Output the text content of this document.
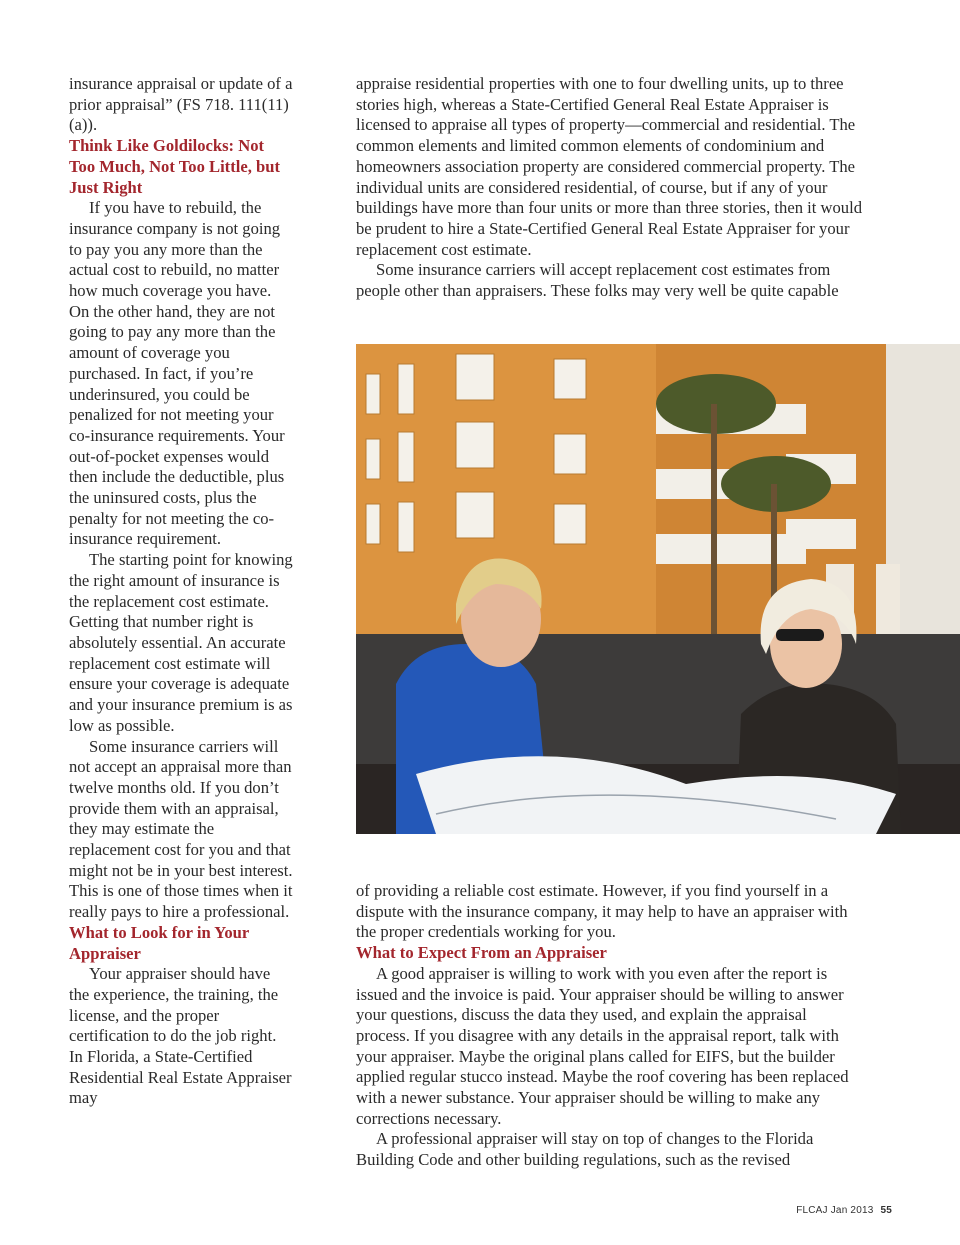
insurance appraisal or update of a prior appraisal” (FS 718. 111(11)(a)).

Think Like Goldilocks: Not Too Much, Not Too Little, but Just Right

If you have to rebuild, the insurance company is not going to pay you any more than the actual cost to rebuild, no matter how much coverage you have. On the other hand, they are not going to pay any more than the amount of coverage you purchased. In fact, if you’re underinsured, you could be penalized for not meeting your co-insurance requirements. Your out-of-pocket expenses would then include the deductible, plus the uninsured costs, plus the penalty for not meeting the co-insurance requirement.

The starting point for knowing the right amount of insurance is the replacement cost estimate. Getting that number right is absolutely essential. An accurate replacement cost estimate will ensure your coverage is adequate and your insurance premium is as low as possible.

Some insurance carriers will not accept an appraisal more than twelve months old. If you don’t provide them with an appraisal, they may estimate the replacement cost for you and that might not be in your best interest. This is one of those times when it really pays to hire a professional.

What to Look for in Your Appraiser

Your appraiser should have the experience, the training, the license, and the proper certification to do the job right. In Florida, a State-Certified Residential Real Estate Appraiser may

appraise residential properties with one to four dwelling units, up to three stories high, whereas a State-Certified General Real Estate Appraiser is licensed to appraise all types of property—commercial and residential. The common elements and limited common elements of condominium and homeowners association property are considered commercial property. The individual units are considered residential, of course, but if any of your buildings have more than four units or more than three stories, then it would be prudent to hire a State-Certified General Real Estate Appraiser for your replacement cost estimate.

Some insurance carriers will accept replacement cost estimates from people other than appraisers. These folks may very well be quite capable

of providing a reliable cost estimate. However, if you find yourself in a dispute with the insurance company, it may help to have an appraiser with the proper credentials working for you.

What to Expect From an Appraiser

A good appraiser is willing to work with you even after the report is issued and the invoice is paid. Your appraiser should be willing to answer your questions, discuss the data they used, and explain the appraisal process. If you disagree with any details in the appraisal report, talk with your appraiser. Maybe the original plans called for EIFS, but the builder applied regular stucco instead. Maybe the roof covering has been replaced with a newer substance. Your appraiser should be willing to make any corrections necessary.

A professional appraiser will stay on top of changes to the Florida Building Code and other building regulations, such as the revised

FLCAJ Jan 2013 55
